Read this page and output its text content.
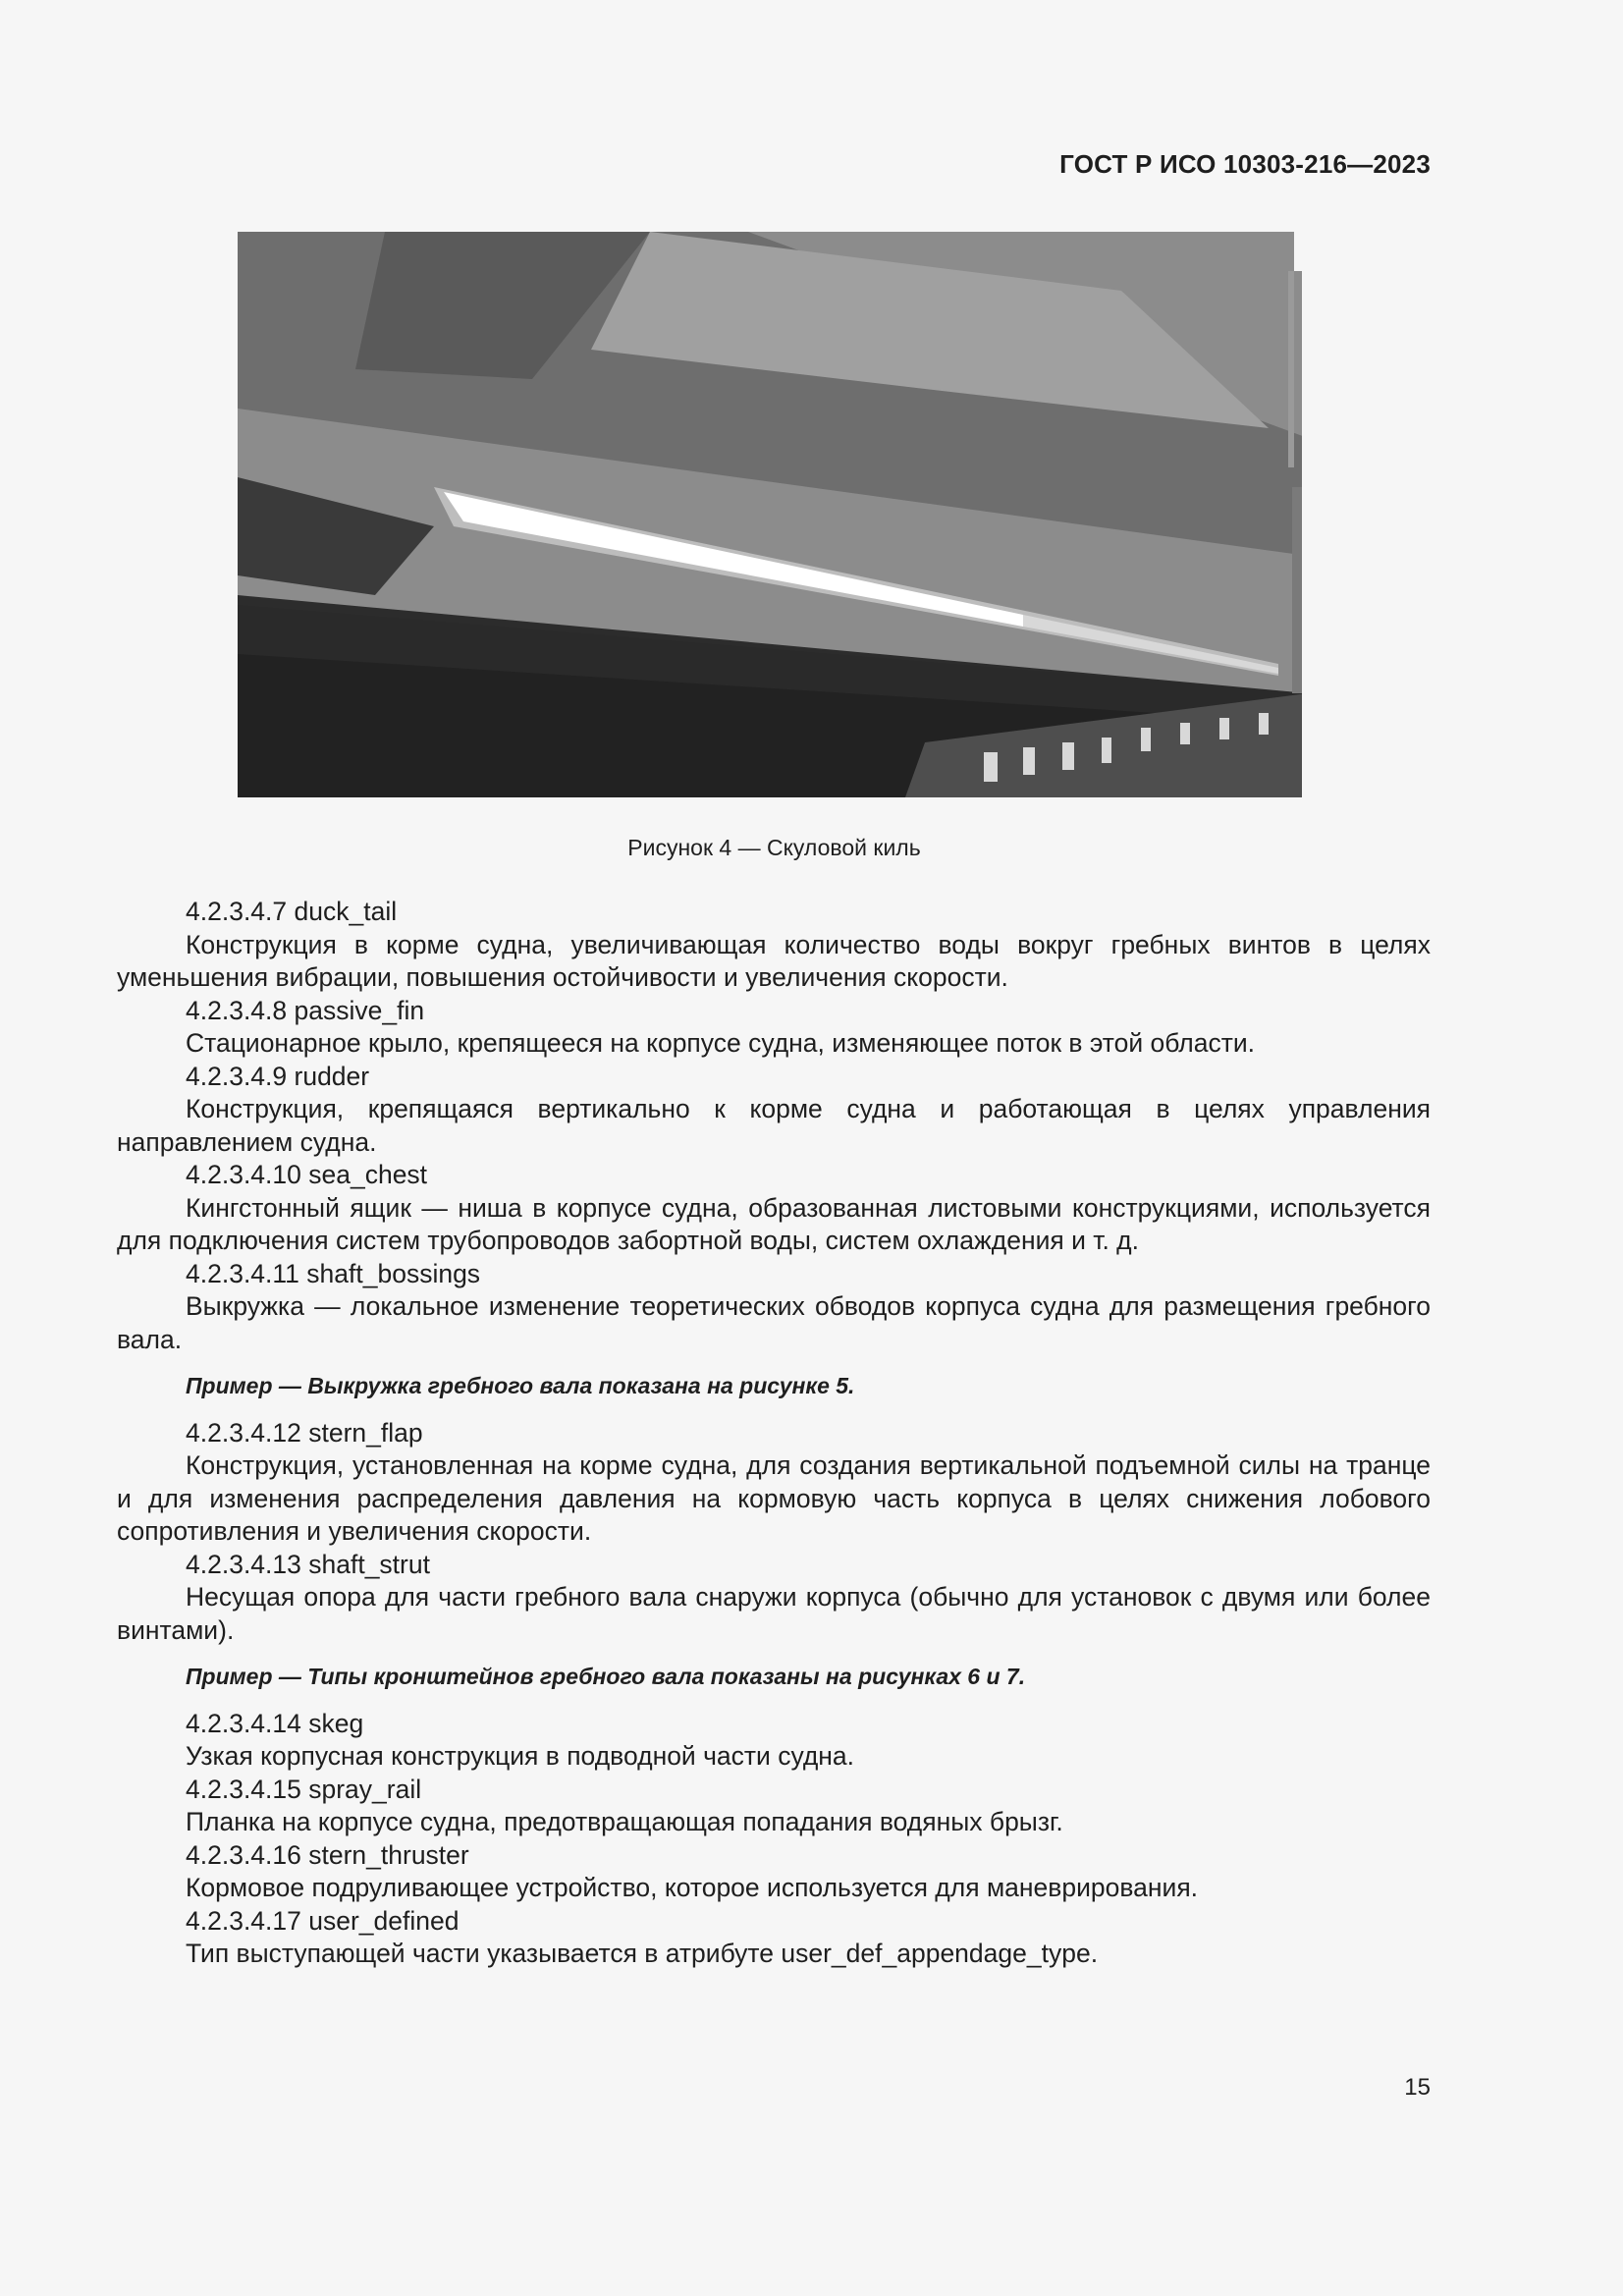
ГОСТ Р ИСО 10303-216—2023
Рисунок 4 — Скуловой киль

4.2.3.4.7 duck_tail

Конструкция в корме судна, увеличивающая количество воды вокруг гребных винтов в целях уменьшения вибрации, повышения остойчивости и увеличения скорости.

4.2.3.4.8 passive_fin

Стационарное крыло, крепящееся на корпусе судна, изменяющее поток в этой области.

4.2.3.4.9 rudder

Конструкция, крепящаяся вертикально к корме судна и работающая в целях управления направлением судна.

4.2.3.4.10 sea_chest

Кингстонный ящик — ниша в корпусе судна, образованная листовыми конструкциями, используется для подключения систем трубопроводов забортной воды, систем охлаждения и т. д.

4.2.3.4.11 shaft_bossings

Выкружка — локальное изменение теоретических обводов корпуса судна для размещения гребного вала.

Пример — Выкружка гребного вала показана на рисунке 5.

4.2.3.4.12 stern_flap

Конструкция, установленная на корме судна, для создания вертикальной подъемной силы на транце и для изменения распределения давления на кормовую часть корпуса в целях снижения лобового сопротивления и увеличения скорости.

4.2.3.4.13 shaft_strut

Несущая опора для части гребного вала снаружи корпуса (обычно для установок с двумя или более винтами).

Пример — Типы кронштейнов гребного вала показаны на рисунках 6 и 7.

4.2.3.4.14 skeg

Узкая корпусная конструкция в подводной части судна.

4.2.3.4.15 spray_rail

Планка на корпусе судна, предотвращающая попадания водяных брызг.

4.2.3.4.16 stern_thruster

Кормовое подруливающее устройство, которое используется для маневрирования.

4.2.3.4.17 user_defined

Тип выступающей части указывается в атрибуте user_def_appendage_type.

15
